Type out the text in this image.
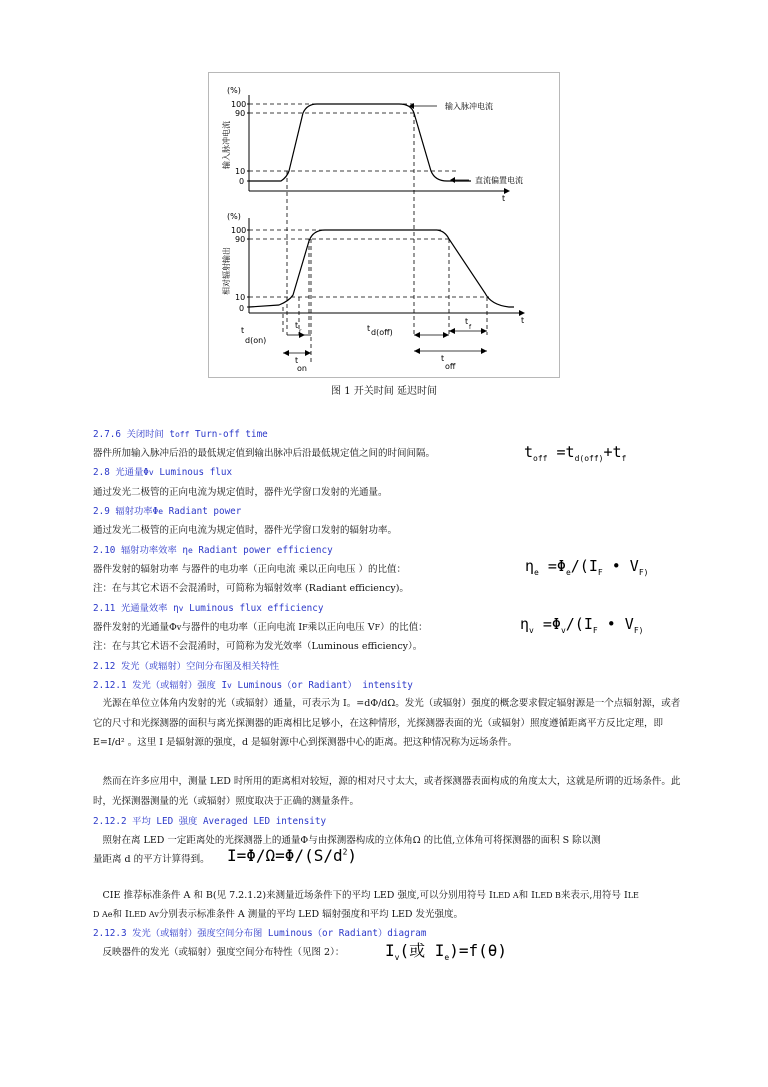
t
(%)
100
90
10
0
输入脉冲电流
输入脉冲电流
直流偏置电流
t
(%)
100
90
10
0
相对辐射输出
t
d(on)
t
r
t
on
t d(off)
t
f
t
off
图 1 开关时间 延迟时间
2.7.6 关闭时间 toff Turn-off time
器件所加输入脉冲后沿的最低规定值到输出脉冲后沿最低规定值之间的时间间隔。	$t_{off} =t_{d(off)}+t_f$
2.8 光通量Φv Luminous flux
通过发光二极管的正向电流为规定值时，器件光学窗口发射的光通量。
2.9 辐射功率Φe Radiant power
通过发光二极管的正向电流为规定值时，器件光学窗口发射的辐射功率。
2.10 辐射功率效率 ηe Radiant power efficiency
器件发射的辐射功率 与器件的电功率（正向电流 乘以正向电压 ）的比值：
注：在与其它术语不会混淆时，可简称为辐射效率 (Radiant efficiency)。
$\eta_e =\Phi_e/(I_F$ • $V_{F)}$
2.11 光通量效率 ηv Luminous flux efficiency
器件发射的光通量Φv与器件的电功率（正向电流 IF乘以正向电压 VF）的比值：
注：在与其它术语不会混淆时，可简称为发光效率（Luminous efficiency）。
$\eta_v =\Phi_v/(I_F$ • $V_{F)}$
2.12 发光（或辐射）空间分布图及相关特性
2.12.1 发光（或辐射）强度 Iv Luminous（or Radiant） intensity
 光源在单位立体角内发射的光（或辐射）通量，可表示为 I。=dΦ/dΩ。发光（或辐射）强度的概念要求假定辐射源是一个点辐射源，或者它的尺寸和光探测器的面积与离光探测器的距离相比足够小，在这种情形，光探测器表面的光（或辐射）照度遵循距离平方反比定理，即 E=I/d² 。这里 I 是辐射源的强度，d 是辐射源中心到探测器中心的距离。把这种情况称为远场条件。
 然而在许多应用中，测量 LED 时所用的距离相对较短，源的相对尺寸太大，或者探测器表面构成的角度太大，这就是所谓的近场条件。此时，光探测器测量的光（或辐射）照度取决于正确的测量条件。
2.12.2 平均 LED 强度 Averaged LED intensity
 照射在离 LED 一定距离处的光探测器上的通量Φ与由探测器构成的立体角Ω 的比值,立体角可将探测器的面积 S 除以测
量距离 d 的平方计算得到。 $I=\Phi/\Omega=\Phi/(S/d^2)$
 CIE 推荐标准条件 A 和 B(见 7.2.1.2)来测量近场条件下的平均 LED 强度,可以分别用符号 ILED A和 ILED B来表示,用符号 ILE
D Ae和 ILED Av分别表示标准条件 A 测量的平均 LED 辐射强度和平均 LED 发光强度。
2.12.3 发光（或辐射）强度空间分布图 Luminous（or Radiant）diagram
 反映器件的发光（或辐射）强度空间分布特性（见图 2）：	$I_v$(或 $I_e)=f(\theta)$
